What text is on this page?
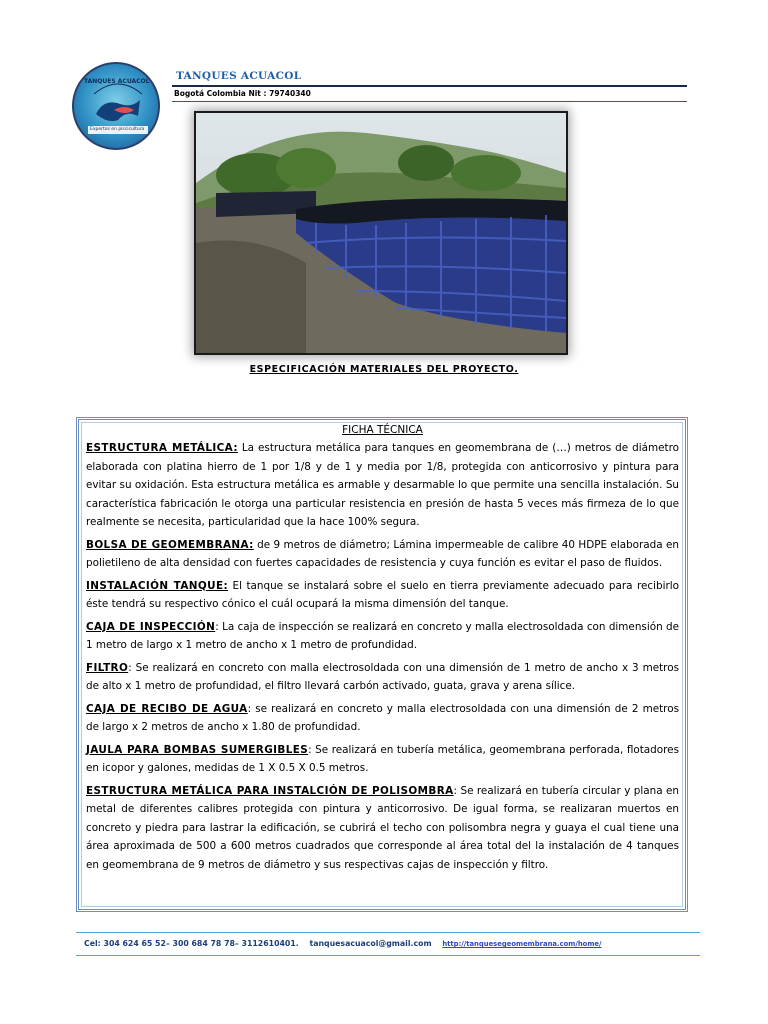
TANQUES ACUACOL
Expertos en piscicultura
TANQUES ACUACOL
Bogotá Colombia Nit : 79740340
ESPECIFICACIÓN MATERIALES DEL PROYECTO.
FICHA TÉCNICA

ESTRUCTURA METÁLICA: La estructura metálica para tanques en geomembrana de (…) metros de diámetro elaborada con platina hierro de 1 por 1/8 y de 1 y media por 1/8, protegida con anticorrosivo y pintura para evitar su oxidación. Esta estructura metálica es armable y desarmable lo que permite una sencilla instalación. Su característica fabricación le otorga una particular resistencia en presión de hasta 5 veces más firmeza de lo que realmente se necesita, particularidad que la hace 100% segura.

BOLSA DE GEOMEMBRANA: de 9 metros de diámetro; Lámina impermeable de calibre 40 HDPE elaborada en polietileno de alta densidad con fuertes capacidades de resistencia y cuya función es evitar el paso de fluidos.

INSTALACIÓN TANQUE: El tanque se instalará sobre el suelo en tierra previamente adecuado para recibirlo éste tendrá su respectivo cónico el cuál ocupará la misma dimensión del tanque.

CAJA DE INSPECCIÓN: La caja de inspección se realizará en concreto y malla electrosoldada con dimensión de 1 metro de largo x 1 metro de ancho x 1 metro de profundidad.

FILTRO: Se realizará en concreto con malla electrosoldada con una dimensión de 1 metro de ancho x 3 metros de alto x 1 metro de profundidad, el filtro llevará carbón activado, guata, grava y arena sílice.

CAJA DE RECIBO DE AGUA: se realizará en concreto y malla electrosoldada con una dimensión de 2 metros de largo x 2 metros de ancho x 1.80 de profundidad.

JAULA PARA BOMBAS SUMERGIBLES: Se realizará en tubería metálica, geomembrana perforada, flotadores en icopor y galones, medidas de 1 X 0.5 X 0.5 metros.

ESTRUCTURA METÁLICA PARA INSTALCIÓN DE POLISOMBRA: Se realizará en tubería circular y plana en metal de diferentes calibres protegida con pintura y anticorrosivo. De igual forma, se realizaran muertos en concreto y piedra para lastrar la edificación, se cubrirá el techo con polisombra negra y guaya el cual tiene una área aproximada de 500 a 600 metros cuadrados que corresponde al área total del la instalación de 4 tanques en geomembrana de 9 metros de diámetro y sus respectivas cajas de inspección y filtro.

Cel: 304 624 65 52– 300 684 78 78– 3112610401. tanquesacuacol@gmail.com http://tanquesegeomembrana.com/home/
